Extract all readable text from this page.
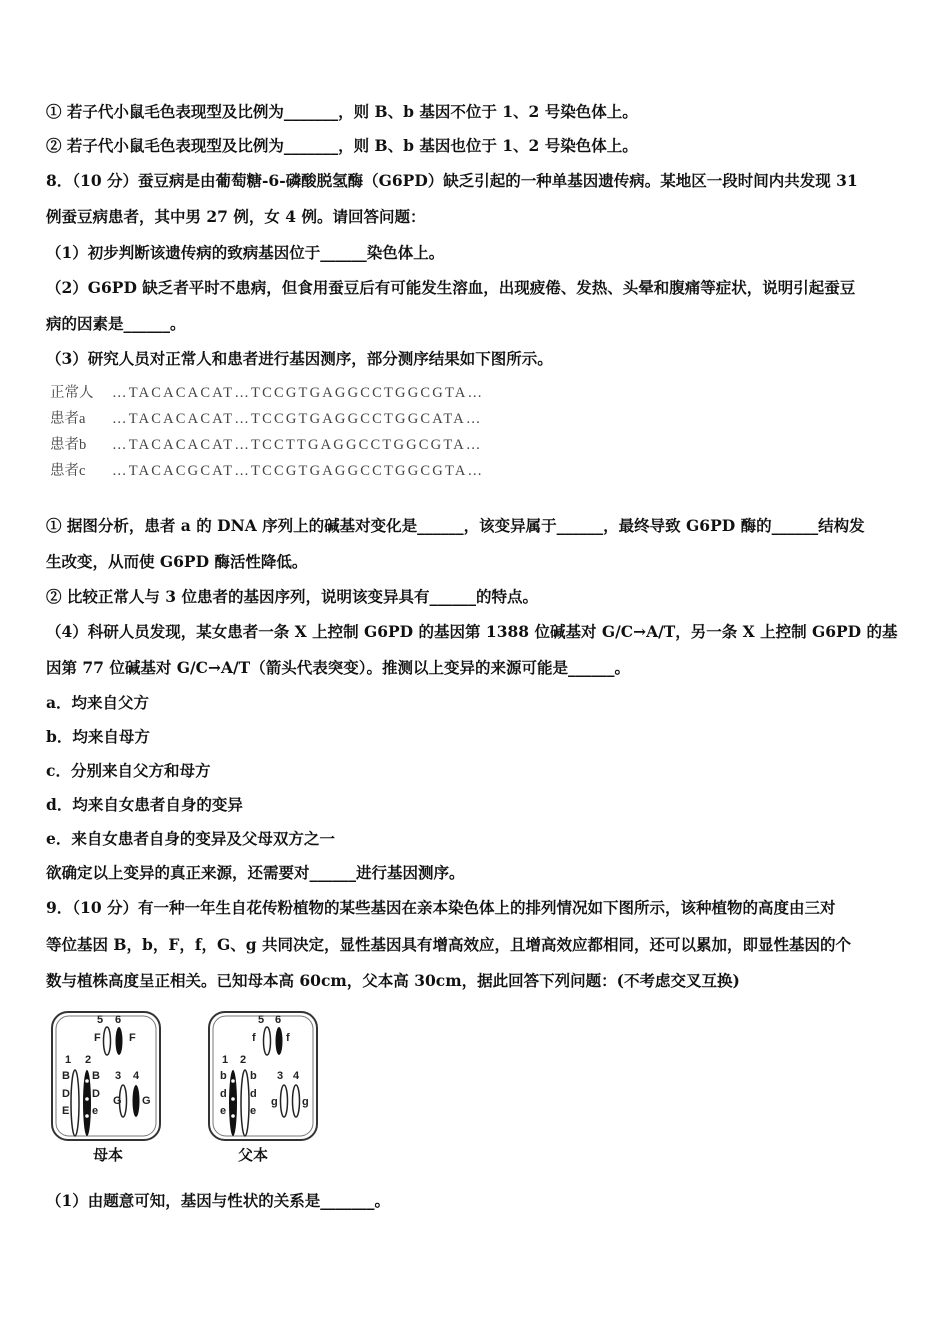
① 若子代小鼠毛色表现型及比例为_______，则 B、b 基因不位于 1、2 号染色体上。
② 若子代小鼠毛色表现型及比例为_______，则 B、b 基因也位于 1、2 号染色体上。
8．（10 分）蚕豆病是由葡萄糖-6-磷酸脱氢酶（G6PD）缺乏引起的一种单基因遗传病。某地区一段时间内共发现 31
例蚕豆病患者，其中男 27 例，女 4 例。请回答问题：
（1）初步判断该遗传病的致病基因位于______染色体上。
（2）G6PD 缺乏者平时不患病，但食用蚕豆后有可能发生溶血，出现疲倦、发热、头晕和腹痛等症状，说明引起蚕豆
病的因素是______。
（3）研究人员对正常人和患者进行基因测序，部分测序结果如下图所示。
正常人 …TACACACAT…TCCGTGAGGCCTGGCGTA…
患者a …TACACACAT…TCCGTGAGGCCTGGCATA…
患者b …TACACACAT…TCCTTGAGGCCTGGCGTA…
患者c …TACACGCAT…TCCGTGAGGCCTGGCGTA…
① 据图分析，患者 a 的 DNA 序列上的碱基对变化是______，该变异属于______，最终导致 G6PD 酶的______结构发
生改变，从而使 G6PD 酶活性降低。
② 比较正常人与 3 位患者的基因序列，说明该变异具有______的特点。
（4）科研人员发现，某女患者一条 X 上控制 G6PD 的基因第 1388 位碱基对 G/C→A/T，另一条 X 上控制 G6PD 的基
因第 77 位碱基对 G/C→A/T（箭头代表突变）。推测以上变异的来源可能是______。
a．均来自父方
b．均来自母方
c．分别来自父方和母方
d．均来自女患者自身的变异
e．来自女患者自身的变异及父母双方之一
欲确定以上变异的真正来源，还需要对______进行基因测序。
9．（10 分）有一种一年生自花传粉植物的某些基因在亲本染色体上的排列情况如下图所示，该种植物的高度由三对
等位基因 B，b，F，f，G、g 共同决定，显性基因具有增高效应，且增高效应都相同，还可以累加，即显性基因的个
数与植株高度呈正相关。已知母本高 60cm，父本高 30cm，据此回答下列问题：(不考虑交叉互换)
5 6
F	F
1 2
B
D
E
B
D
e
3 4
G G
5 6
f	f
1 2
b
d
e
b
d
e
3 4
g g
母本	父本
（1）由题意可知，基因与性状的关系是_______。
